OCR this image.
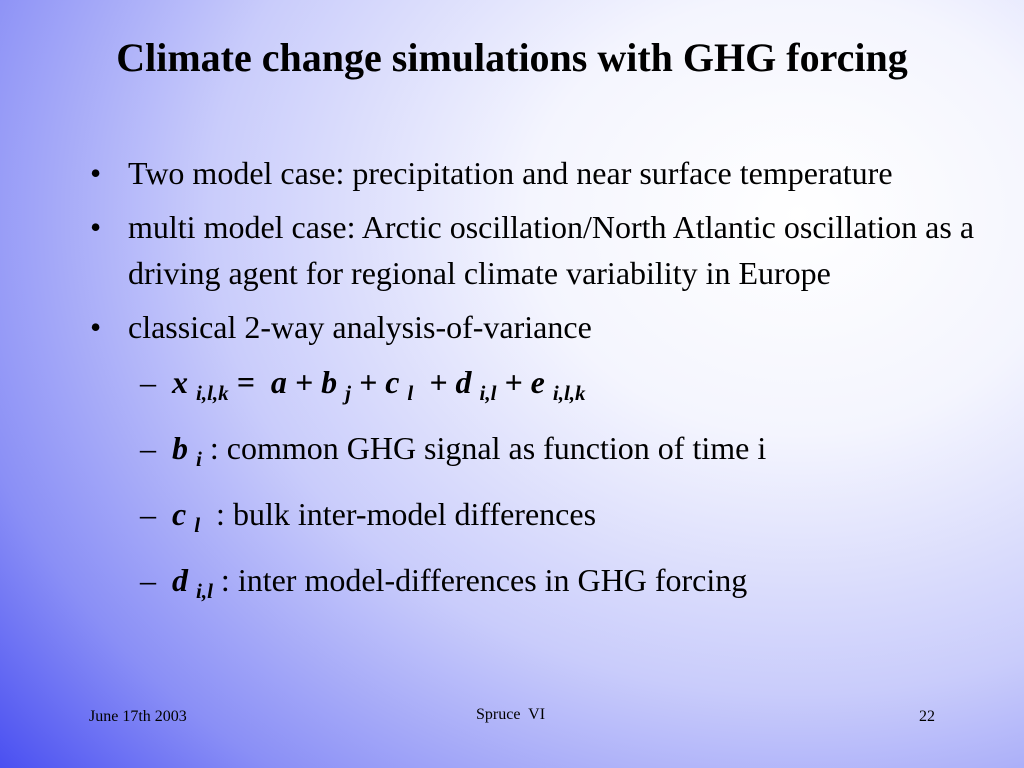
Climate change simulations with GHG forcing
• Two model case: precipitation and near surface temperature
• multi model case: Arctic oscillation/North Atlantic oscillation as a driving agent for regional climate variability in Europe
• classical 2-way analysis-of-variance
– x $_{i,l,k}$ = a + b $_j$ + c $_l$ + d $_{i,l}$ + e $_{i,l,k}$
– b $_i$ : common GHG signal as function of time i
– c $_l$ : bulk inter-model differences
– d $_{i,l}$ : inter model-differences in GHG forcing
June 17th 2003	Spruce  VI	22
